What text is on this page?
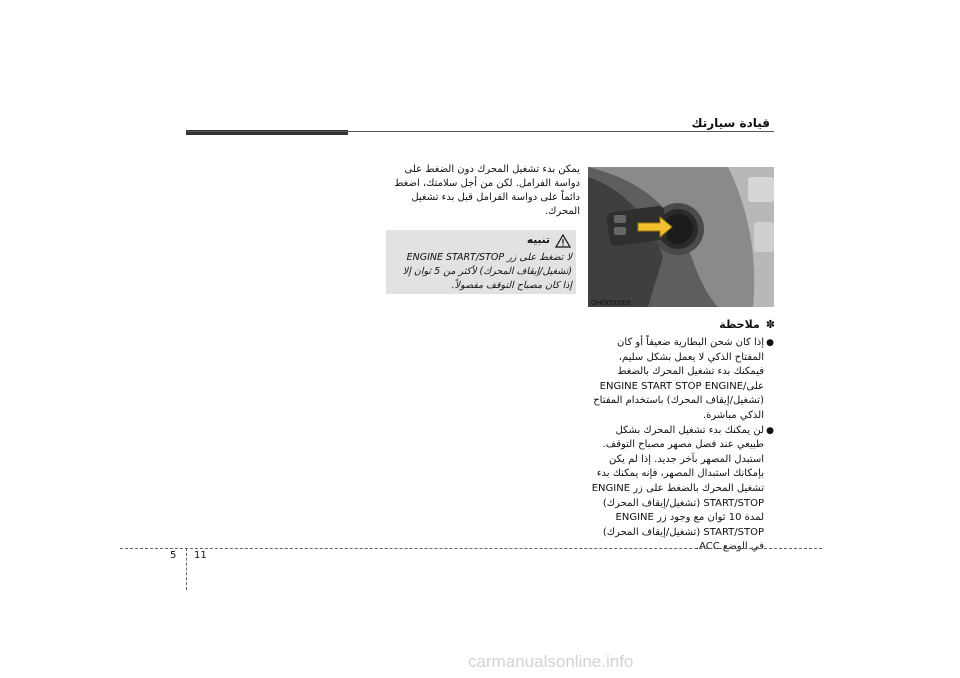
قيادة سيارتك
OHG050009
يمكن بدء تشغيل المحرك دون الضغط على دواسة الفرامل. لكن من أجل سلامتك، اضغط دائماً على دواسة الفرامل قبل بدء تشغيل المحرك.
تنبيه
لا تضغط على زر ENGINE START/STOP (تشغيل/إيقاف المحرك) لأكثر من 5 ثوان إلا إذا كان مصباح التوقف مفصولاً.
✽ملاحظة
●
إذا كان شحن البطارية ضعيفاً أو كان المفتاح الذكي لا يعمل بشكل سليم، فيمكنك بدء تشغيل المحرك بالضغط على/ENGINE START STOP ENGINE (تشغيل/إيقاف المحرك) باستخدام المفتاح الذكي مباشرة.
●
لن يمكنك بدء تشغيل المحرك بشكل طبيعي عند فصل مصهر مصباح التوقف. استبدل المصهر بآخر جديد. إذا لم يكن بإمكانك استبدال المصهر، فإنه يمكنك بدء تشغيل المحرك بالضغط على زر ENGINE START/STOP (تشغيل/إيقاف المحرك) لمدة 10 ثوان مع وجود زر ENGINE START/STOP (تشغيل/إيقاف المحرك) في الوضع ACC.
5 11
carmanualsonline.info
